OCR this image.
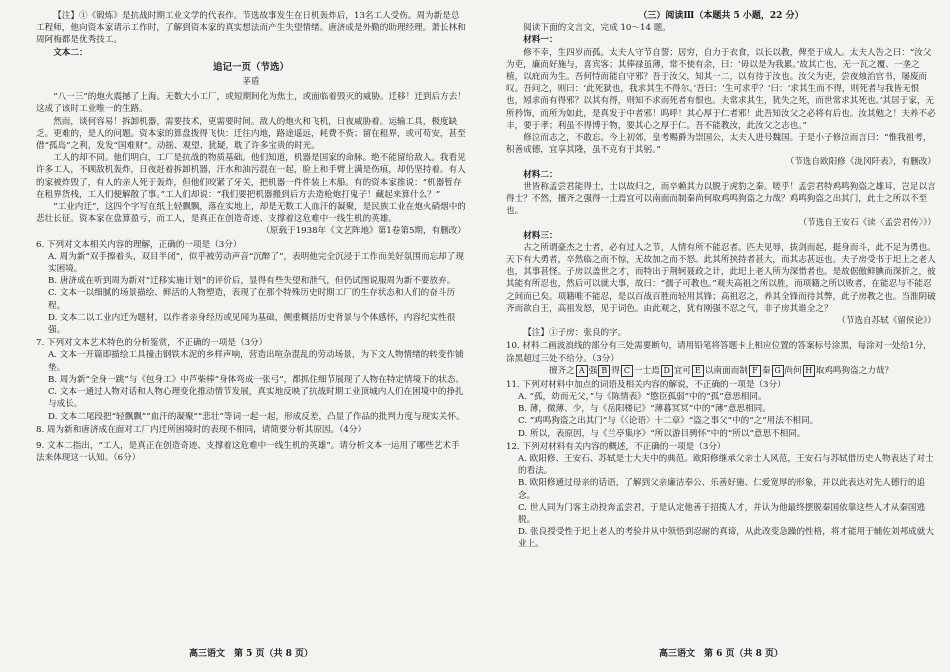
【注】①《锻炼》是抗战时期工业文学的代表作。节选故事发生在日机轰炸后，13名工人受伤。周为新是总工程师，他向资本家请示工作时，了解到资本家的真实想法而产生失望情绪。唐济成是外勤的助理经理。萧长林和周阿梅都是优秀技工。

文本二：

追记一页（节选）

茅盾

“八一三”的炮火震撼了上海。无数大小工厂，或短期间化为焦土，或面临着毁灭的威胁。迁移！迁到后方去！这成了该时工业唯一的生路。

然而，谈何容易！拆卸机器，需要技术，更需要时间。敌人的炮火和飞机，日夜威胁着。运输工具，极度缺乏。更难的，是人的问题。资本家的算盘拨得飞快：迁往内地，路途遥远，耗费不赀；留在租界，或可苟安，甚至借“孤岛”之利，发发“国难财”。动摇、观望、犹疑，耽了许多宝贵的时光。

工人的却不同。他们明白，工厂是抗战的物质基础。他们知道，机器是国家的命脉。绝不能留给敌人。我看见许多工人，不顾敌机轰炸，日夜赶着拆卸机器，汗水和油污混在一起，脸上和手臂上满是伤痕，却仍坚持着。有人的家被炸毁了，有人的亲人死于轰炸，但他们咬紧了牙关，把机器一件件装上木船。有的资本家推说：“机器暂存在租界货栈，工人们便解散了事。”工人们却说：“我们要把机器搬到后方去造枪炮打鬼子！藏起来算什么？”

“工业内迁”，这四个字写在纸上轻飘飘，落在实地上，却是无数工人血汗的凝聚，是民族工业在炮火硝烟中的悲壮长征。资本家在盘算盈亏，而工人，是真正在创造奇迹、支撑着这危难中一线生机的英雄。

（原载于1938年《文艺阵地》第1卷第5期，有删改）

6. 下列对文本相关内容的理解，正确的一项是（3分）

A. 周为新“双手擦着头，双目半闭”，似乎被劳动声音“沉醉了”，表明他完全沉浸于工作而美好氛围而忘却了现实困境。

B. 唐济成在听到周为新对“迁移实施计划”的评价后，显得有些失望和泄气，但仍试图说服周为新不要放弃。

C. 文本一以细腻的场景描绘、鲜活的人物塑造，表现了在那个特殊历史时期工厂的生存状态和人们的奋斗历程。

D. 文本二以工业内迁为题材，以作者亲身经历或见闻为基础，侧重概括历史背景与个体感怀，内容纪实性很强。

7. 下列对文本艺术特色的分析鉴赏，不正确的一项是（3分）

A. 文本一开篇即描绘工具撞击钢铁木泥的乡样声响，营造出喧杂混乱的劳动场景，为下文人物情绪的转变作铺垫。

B. 周为新“全身一跳”与《包身工》中芦柴棒“身体弯成一张弓”，都抓住细节展现了人物在特定情境下的状态。

C. 文本一通过人物对话和人物心理变化推动情节发展，真实地反映了抗战时期工业顶城内人们在困境中的挣扎与成长。

D. 文本二尾段把“轻飘飘”“血汗的凝聚”“悲壮”等词一起一起，形成反差，凸显了作品的批判力度与现实关怀。

8. 周为新和唐济成在面对工厂内迁所困境时的表现不相同，请简要分析其原因。（4分）

9. 文本二指出，“工人，是真正在创造奇迹、支撑着这危难中一线生机的英雄”。请分析文本一运用了哪些艺术手法来体现这一认知。（6分）

高三语文　第 5 页（共 8 页）

（三）阅读Ⅲ（本题共 5 小题，22 分）

阅读下面的文言文，完成 10～14 题。

材料一：

修不幸，生四岁而孤。太夫人守节自誓；居穷，自力于衣食，以长以教，俾至于成人。太夫人告之曰：“汝父为吏，廉而好施与，喜宾客；其俸禄虽薄，常不使有余，曰：‘毋以是为我累。’故其亡也，无一瓦之覆、一垄之植，以庇而为生。吾何恃而能自守邪？吾于汝父，知其一二，以有待于汝也。汝父为吏，尝夜烛治官书，屡废而叹。吾问之，则曰：‘此死狱也，我求其生不得尔。’吾曰：‘生可求乎？’曰：‘求其生而不得，则死者与我皆无恨也，矧求而有得邪？以其有得，则知不求而死者有恨也。夫常求其生，犹失之死，而世常求其死也。’其居于家，无所矜饰，而所为如此，是真发于中者邪！呜呼！其心厚于仁者邪！此吾知汝父之必将有后也。汝其勉之！夫养不必丰，要于孝；利虽不得博于物，要其心之厚于仁。吾不能教汝，此汝父之志也。”

修泣而志之，不敢忘。今上初郊，皇考赐爵为崇国公，太夫人进号魏国。于是小子修泣而言曰：“惟我祖考，积善成德，宜享其隆，虽不克有于其躬。”

（节选自欧阳修《泷冈阡表》，有删改）

材料二：

世皆称孟尝君能得士，士以故归之，而卒赖其力以脱于虎豹之秦。嗟乎！孟尝君特鸡鸣狗盗之雄耳，岂足以言得士？不然，擅齐之强得一士焉宜可以南面而制秦尚何取鸡鸣狗盗之力哉？鸡鸣狗盗之出其门，此士之所以不至也。

（节选自王安石《读〈孟尝君传〉》）

材料三：

古之所谓豪杰之士者，必有过人之节，人情有所不能忍者。匹夫见辱，拔剑而起，挺身而斗，此不足为勇也。天下有大勇者，卒然临之而不惊，无故加之而不怒。此其所挟持者甚大，而其志甚远也。夫子房受书于圯上之老人也，其事甚怪。子房以盖世之才，而特出于荆轲聂政之计，此圯上老人所为深惜者也。是故倨傲鲜腆而深折之，彼其能有所忍也，然后可以就大事，故曰：“孺子可教也。”观夫高祖之所以胜，而项籍之所以败者，在能忍与不能忍之间而已矣。项籍唯不能忍，是以百战百胜而轻用其锋；高祖忍之，养其全锋而待其弊，此子房教之也。当淮阴破齐而欲自王，高祖发怒，见于词色。由此观之，犹有刚强不忍之气，非子房其谁全之？

（节选自苏轼《留侯论》）

【注】①子房：张良的字。

10. 材料二画波浪线的部分有三处需要断句，请用铅笔将答题卡上相应位置的答案标号涂黑，每涂对一处给1分，涂黑超过三处不给分。（3分）

擅齐之 A 强 B 得 C 一士焉 D 宜可 E 以南面而制 F 秦 G 尚何 H 取鸡鸣狗盗之力哉？

11. 下列对材料中加点的词语及相关内容的解说，不正确的一项是（3分）

A. “孤，幼而无父，”与《陈情表》“愍臣孤弱”中的“孤”意思相同。

B. 薄，微薄、少，与《岳阳楼记》“薄暮冥冥”中的“薄”意思相同。

C. “鸡鸣狗盗之出其门”与《〈论语〉十二章》“盗之事父”中的“之”用法不相同。

D. 所以，表原因，与《兰亭集序》“所以游目骋怀”中的“所以”意思不相同。

12. 下列对材料有关内容的概述，不正确的一项是（3分）

A. 欧阳修、王安石、苏轼是士大夫中的典范。欧阳修继承父亲士人风范，王安石与苏轼借历史人物表达了对士的看法。

B. 欧阳修通过母亲的话语，了解到父亲廉洁奉公、乐善好施、仁爱宽厚的形象，并以此表达对先人德行的追念。

C. 世人同为门客主动投奔孟尝君，于是认定他善于招揽人才，并认为他最终摆脱秦国依靠这些人才从秦国逃脱。

D. 张良授受性于圯上老人的考验并从中领悟到忍耐的真谛，从此改变急躁的性格，将才能用于辅佐刘邦成就大业上。

高三语文　第 6 页（共 8 页）
